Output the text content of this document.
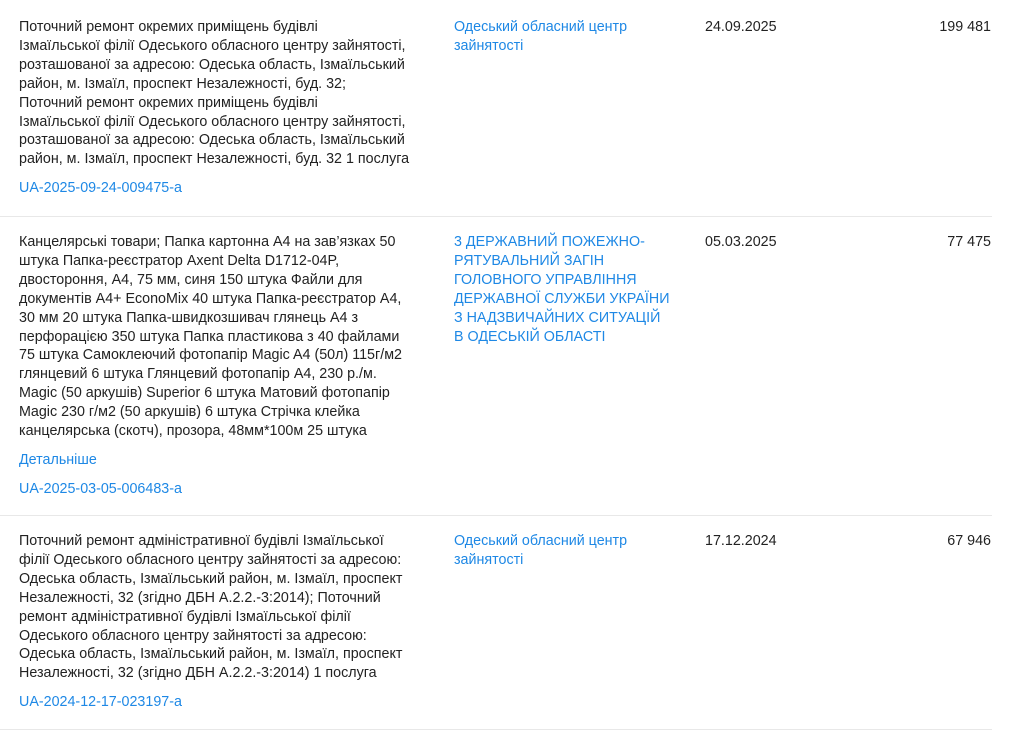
Поточний ремонт окремих приміщень будівлі
Ізмаїльської філії Одеського обласного центру зайнятості,
розташованої за адресою: Одеська область, Ізмаїльський
район, м. Ізмаїл, проспект Незалежності, буд. 32;
Поточний ремонт окремих приміщень будівлі
Ізмаїльської філії Одеського обласного центру зайнятості,
розташованої за адресою: Одеська область, Ізмаїльський
район, м. Ізмаїл, проспект Незалежності, буд. 32 1 послуга
UA-2025-09-24-009475-a
Одеський обласний центр
зайнятості
24.09.2025	199 481
Канцелярські товари; Папка картонна А4 на зав’язках 50
штука Папка-реєстратор Axent Delta D1712-04P,
двостороння, А4, 75 мм, синя 150 штука Файли для
документів А4+ EconoMix 40 штука Папка-реєстратор А4,
30 мм 20 штука Папка-швидкозшивач глянець А4 з
перфорацією 350 штука Папка пластикова з 40 файлами
75 штука Самоклеючий фотопапір Magic A4 (50л) 115г/м2
глянцевий 6 штука Глянцевий фотопапір А4, 230 р./м.
Magic (50 аркушів) Superior 6 штука Матовий фотопапір
Magic 230 г/м2 (50 аркушів) 6 штука Стрічка клейка
канцелярська (скотч), прозора, 48мм*100м 25 штука
Детальніше
UA-2025-03-05-006483-a
3 ДЕРЖАВНИЙ ПОЖЕЖНО-
РЯТУВАЛЬНИЙ ЗАГІН
ГОЛОВНОГО УПРАВЛІННЯ
ДЕРЖАВНОЇ СЛУЖБИ УКРАЇНИ
З НАДЗВИЧАЙНИХ СИТУАЦІЙ
В ОДЕСЬКІЙ ОБЛАСТІ
05.03.2025	77 475
Поточний ремонт адміністративної будівлі Ізмаїльської
філії Одеського обласного центру зайнятості за адресою:
Одеська область, Ізмаїльський район, м. Ізмаїл, проспект
Незалежності, 32 (згідно ДБН А.2.2.-3:2014); Поточний
ремонт адміністративної будівлі Ізмаїльської філії
Одеського обласного центру зайнятості за адресою:
Одеська область, Ізмаїльський район, м. Ізмаїл, проспект
Незалежності, 32 (згідно ДБН А.2.2.-3:2014) 1 послуга
UA-2024-12-17-023197-a
Одеський обласний центр
зайнятості
17.12.2024	67 946
